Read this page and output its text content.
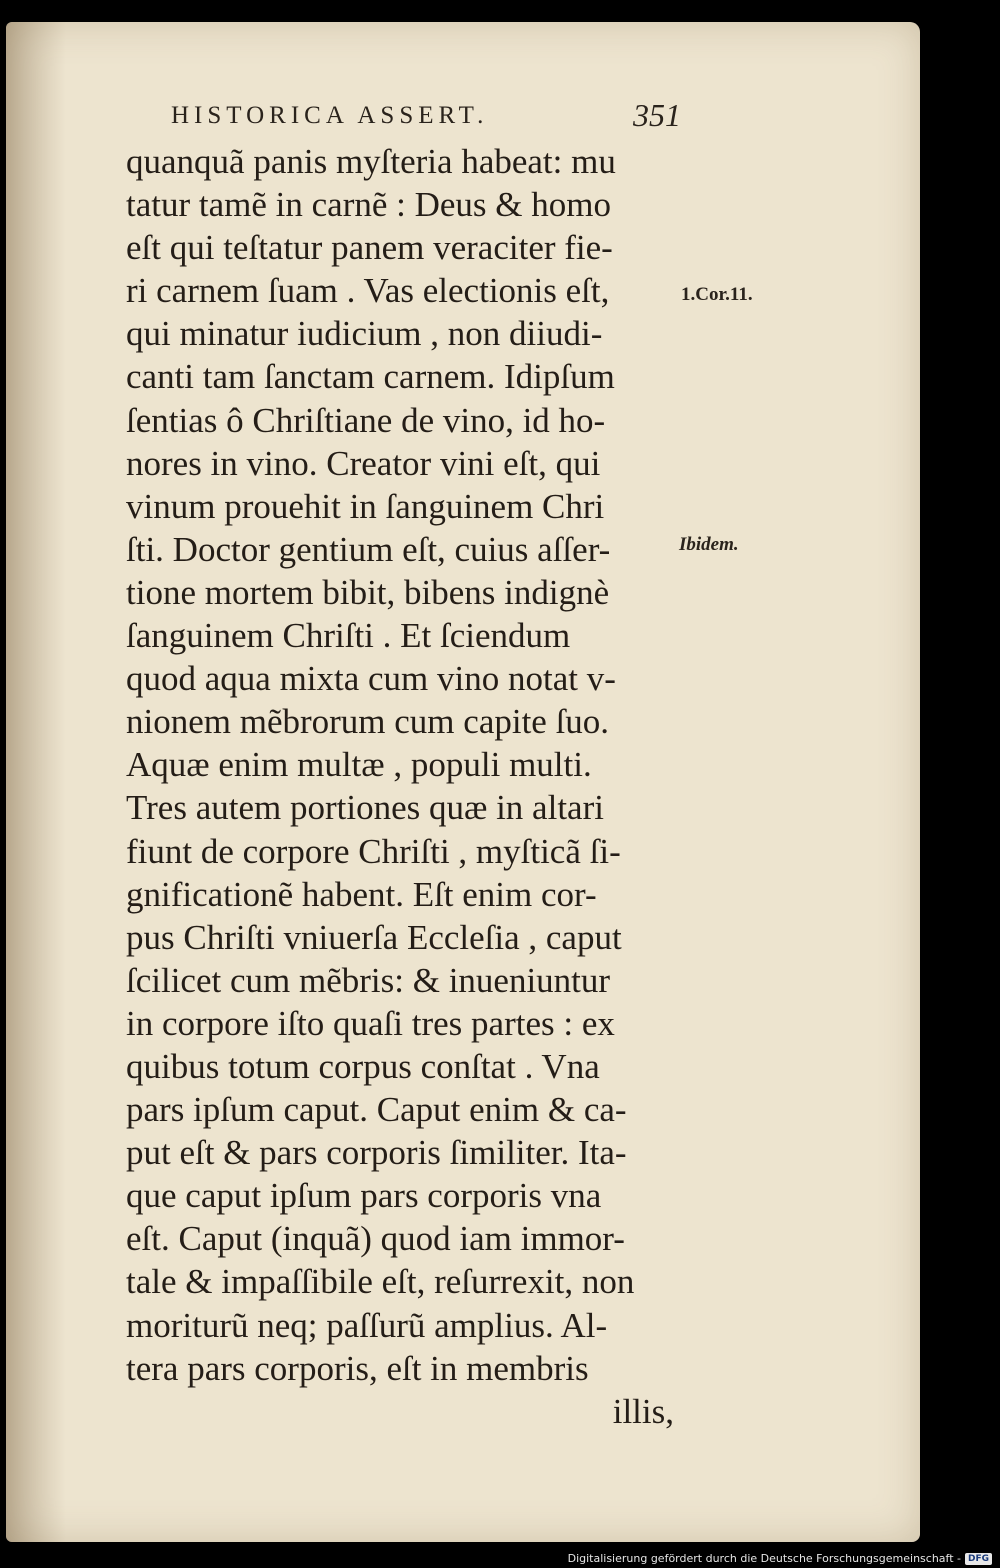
HISTORICA ASSERT.	351
quanquã panis myſteria habeat: mu
tatur tamẽ in carnẽ : Deus & homo
eſt qui teſtatur panem veraciter fie-
ri carnem ſuam . Vas electionis eſt,
qui minatur iudicium , non diiudi-
canti tam ſanctam carnem. Idipſum
ſentias ô Chriſtiane de vino, id ho-
nores in vino. Creator vini eſt, qui
vinum prouehit in ſanguinem Chri
ſti. Doctor gentium eſt, cuius aſſer-
tione mortem bibit, bibens indignè
ſanguinem Chriſti . Et ſciendum
quod aqua mixta cum vino notat v-
nionem mẽbrorum cum capite ſuo.
Aquæ enim multæ , populi multi.
Tres autem portiones quæ in altari
fiunt de corpore Chriſti , myſticã ſi-
gnificationẽ habent. Eſt enim cor-
pus Chriſti vniuerſa Eccleſia , caput
ſcilicet cum mẽbris: & inueniuntur
in corpore iſto quaſi tres partes : ex
quibus totum corpus conſtat . Vna
pars ipſum caput. Caput enim & ca-
put eſt & pars corporis ſimiliter. Ita-
que caput ipſum pars corporis vna
eſt. Caput (inquã) quod iam immor-
tale & impaſſibile eſt, reſurrexit, non
moriturũ neq; paſſurũ amplius. Al-
tera pars corporis, eſt in membris
illis,
1.Cor.11.
Ibidem.
Digitalisierung gefördert durch die Deutsche Forschungsgemeinschaft - DFG
